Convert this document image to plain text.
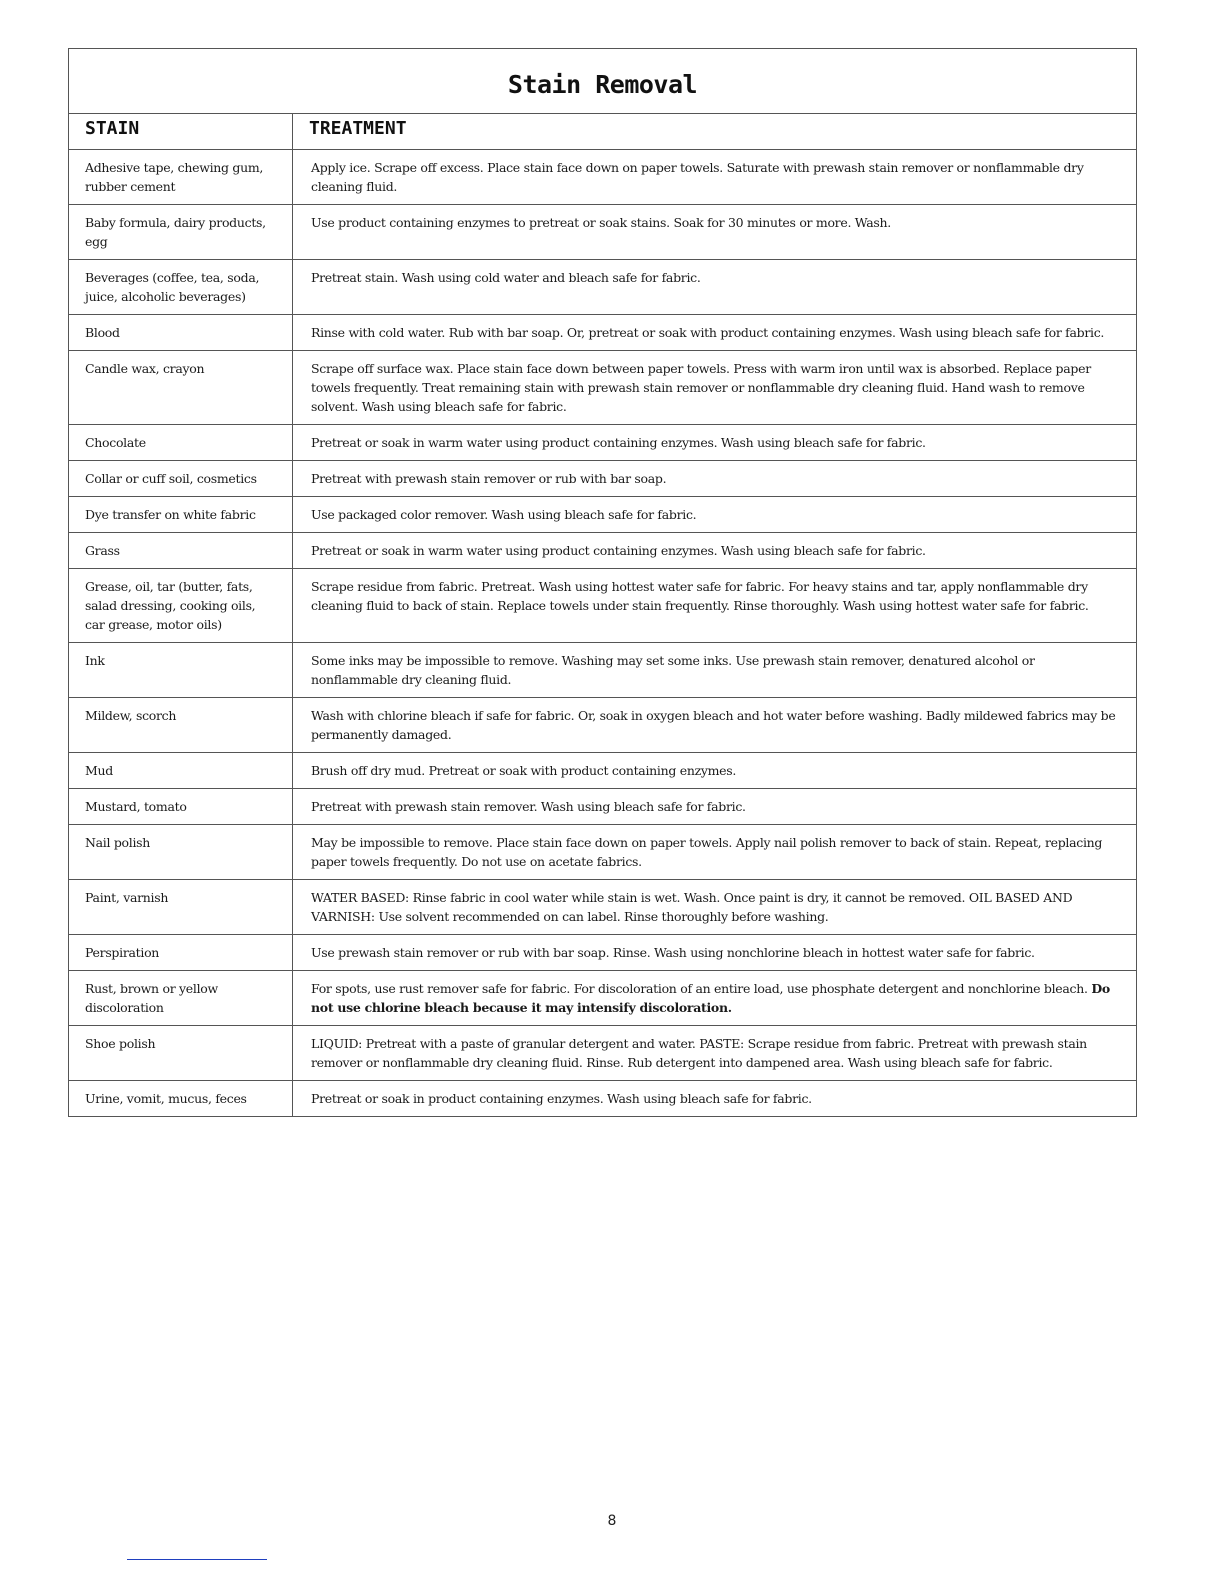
Stain Removal	
STAIN	TREATMENT
Adhesive tape, chewing gum, rubber cement	Apply ice. Scrape off excess. Place stain face down on paper towels. Saturate with prewash stain remover or nonflammable dry cleaning fluid.
Baby formula, dairy products, egg	Use product containing enzymes to pretreat or soak stains. Soak for 30 minutes or more. Wash.
Beverages (coffee, tea, soda, juice, alcoholic beverages)	Pretreat stain. Wash using cold water and bleach safe for fabric.
Blood	Rinse with cold water. Rub with bar soap. Or, pretreat or soak with product containing enzymes. Wash using bleach safe for fabric.
Candle wax, crayon	Scrape off surface wax. Place stain face down between paper towels. Press with warm iron until wax is absorbed. Replace paper towels frequently. Treat remaining stain with prewash stain remover or nonflammable dry cleaning fluid. Hand wash to remove solvent. Wash using bleach safe for fabric.
Chocolate	Pretreat or soak in warm water using product containing enzymes. Wash using bleach safe for fabric.
Collar or cuff soil, cosmetics	Pretreat with prewash stain remover or rub with bar soap.
Dye transfer on white fabric	Use packaged color remover. Wash using bleach safe for fabric.
Grass	Pretreat or soak in warm water using product containing enzymes. Wash using bleach safe for fabric.
Grease, oil, tar (butter, fats, salad dressing, cooking oils, car grease, motor oils)	Scrape residue from fabric. Pretreat. Wash using hottest water safe for fabric. For heavy stains and tar, apply nonflammable dry cleaning fluid to back of stain. Replace towels under stain frequently. Rinse thoroughly. Wash using hottest water safe for fabric.
Ink	Some inks may be impossible to remove. Washing may set some inks. Use prewash stain remover, denatured alcohol or nonflammable dry cleaning fluid.
Mildew, scorch	Wash with chlorine bleach if safe for fabric. Or, soak in oxygen bleach and hot water before washing. Badly mildewed fabrics may be permanently damaged.
Mud	Brush off dry mud. Pretreat or soak with product containing enzymes.
Mustard, tomato	Pretreat with prewash stain remover. Wash using bleach safe for fabric.
Nail polish	May be impossible to remove. Place stain face down on paper towels. Apply nail polish remover to back of stain. Repeat, replacing paper towels frequently. Do not use on acetate fabrics.
Paint, varnish	WATER BASED: Rinse fabric in cool water while stain is wet. Wash. Once paint is dry, it cannot be removed. OIL BASED AND VARNISH: Use solvent recommended on can label. Rinse thoroughly before washing.
Perspiration	Use prewash stain remover or rub with bar soap. Rinse. Wash using nonchlorine bleach in hottest water safe for fabric.
Rust, brown or yellow discoloration	For spots, use rust remover safe for fabric. For discoloration of an entire load, use phosphate detergent and nonchlorine bleach. Do not use chlorine bleach because it may intensify discoloration.
Shoe polish	LIQUID: Pretreat with a paste of granular detergent and water. PASTE: Scrape residue from fabric. Pretreat with prewash stain remover or nonflammable dry cleaning fluid. Rinse. Rub detergent into dampened area. Wash using bleach safe for fabric.
Urine, vomit, mucus, feces	Pretreat or soak in product containing enzymes. Wash using bleach safe for fabric.
8
